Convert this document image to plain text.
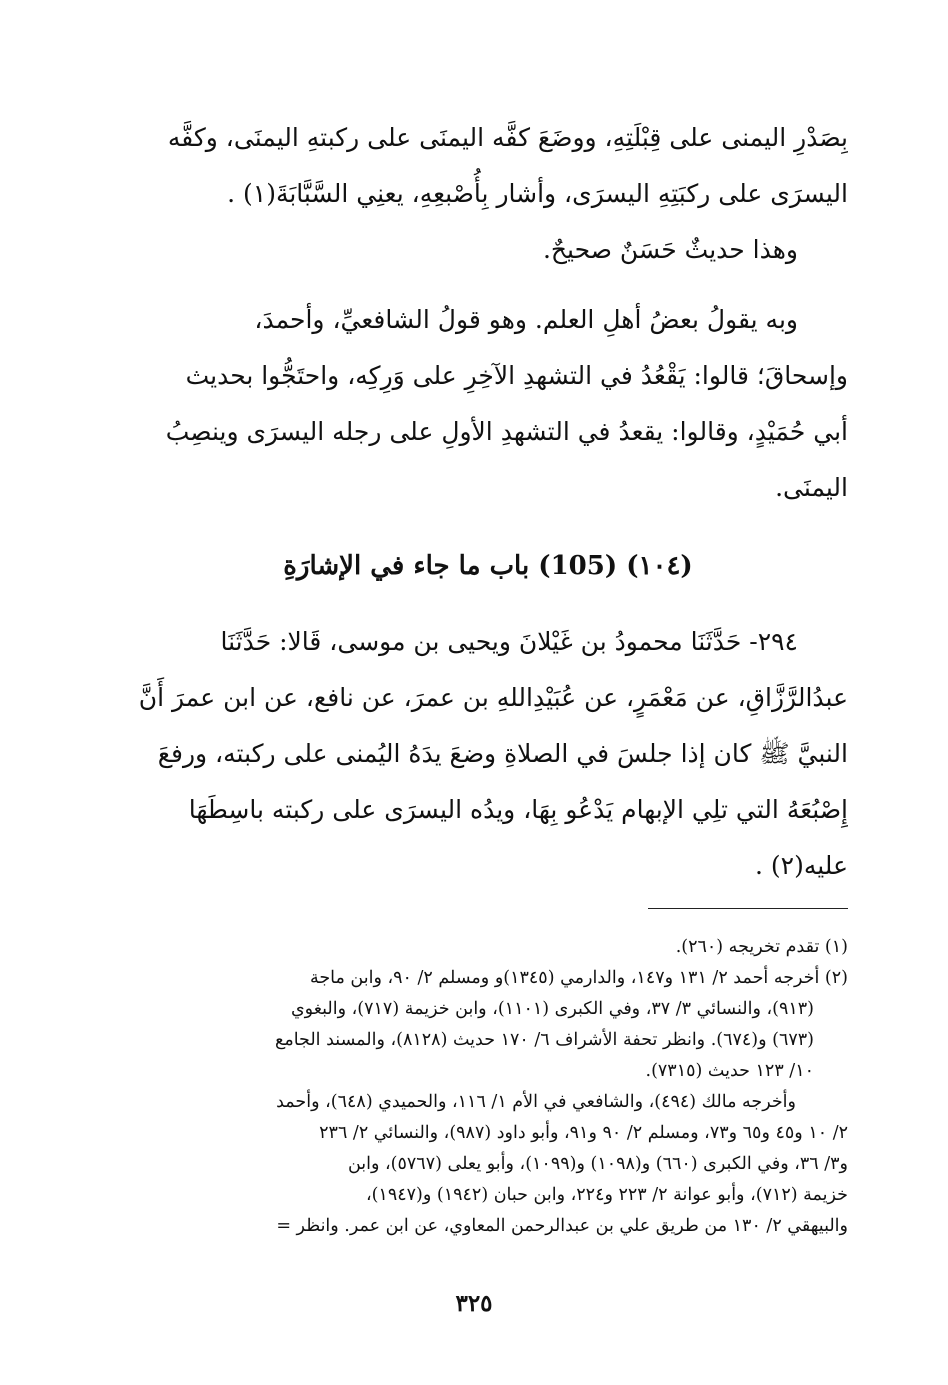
بِصَدْرِ اليمنى على قِبْلَتِهِ، ووضَعَ كفَّه اليمنَى على ركبتهِ اليمنَى، وكفَّه
اليسرَى على ركبَتِهِ اليسرَى، وأشار بِأُصْبعِهِ، يعنِي السَّبَّابَةَ(١) .
وهذا حديثٌ حَسَنٌ صحيحٌ.
وبه يقولُ بعضُ أهلِ العلم. وهو قولُ الشافعيِّ، وأحمدَ،
وإسحاقَ؛ قالوا: يَقْعُدُ في التشهدِ الآخِرِ على وَرِكِه، واحتَجُّوا بحديث
أبي حُمَيْدٍ، وقالوا: يقعدُ في التشهدِ الأولِ على رجله اليسرَى وينصِبُ
اليمنَى.
(١٠٤) (105) باب ما جاء في الإشارَةِ
٢٩٤- حَدَّثَنَا محمودُ بن غَيْلانَ ويحيى بن موسى، قَالا: حَدَّثَنَا
عبدُالرَّزَّاقِ، عن مَعْمَرٍ، عن عُبَيْدِاللهِ بن عمرَ، عن نافع، عن ابن عمرَ أَنَّ
النبيَّ ﷺ كان إذا جلسَ في الصلاةِ وضعَ يدَهُ اليُمنى على ركبته، ورفعَ
إِصْبُعَهُ التي تلِي الإبهام يَدْعُو بِهَا، ويدُه اليسرَى على ركبته باسِطَهَا
عليه(٢) .
(١) تقدم تخريجه (٢٦٠).
(٢) أخرجه أحمد ٢/ ١٣١ و١٤٧، والدارمي (١٣٤٥)و ومسلم ٢/ ٩٠، وابن ماجة
(٩١٣)، والنسائي ٣/ ٣٧، وفي الكبرى (١١٠١)، وابن خزيمة (٧١٧)، والبغوي
(٦٧٣) و(٦٧٤). وانظر تحفة الأشراف ٦/ ١٧٠ حديث (٨١٢٨)، والمسند الجامع
١٠/ ١٢٣ حديث (٧٣١٥).
وأخرجه مالك (٤٩٤)، والشافعي في الأم ١/ ١١٦، والحميدي (٦٤٨)، وأحمد
٢/ ١٠ و٤٥ و٦٥ و٧٣، ومسلم ٢/ ٩٠ و٩١، وأبو داود (٩٨٧)، والنسائي ٢/ ٢٣٦
و٣/ ٣٦، وفي الكبرى (٦٦٠) و(١٠٩٨) و(١٠٩٩)، وأبو يعلى (٥٧٦٧)، وابن
خزيمة (٧١٢)، وأبو عوانة ٢/ ٢٢٣ و٢٢٤، وابن حبان (١٩٤٢) و(١٩٤٧)،
والبيهقي ٢/ ١٣٠ من طريق علي بن عبدالرحمن المعاوي، عن ابن عمر. وانظر =
٣٢٥
